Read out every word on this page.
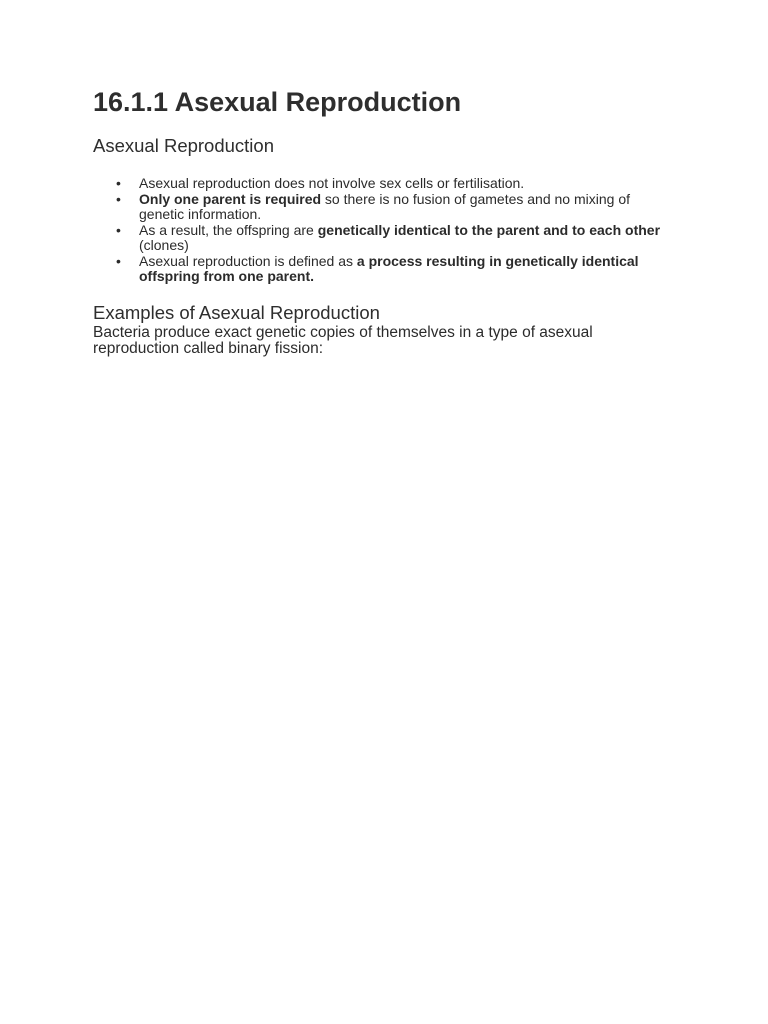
16.1.1 Asexual Reproduction
Asexual Reproduction
• Asexual reproduction does not involve sex cells or fertilisation.
• Only one parent is required so there is no fusion of gametes and no mixing of genetic information.
• As a result, the offspring are genetically identical to the parent and to each other (clones)
• Asexual reproduction is defined as a process resulting in genetically identical offspring from one parent.
Examples of Asexual Reproduction

Bacteria produce exact genetic copies of themselves in a type of asexual reproduction called binary fission:
